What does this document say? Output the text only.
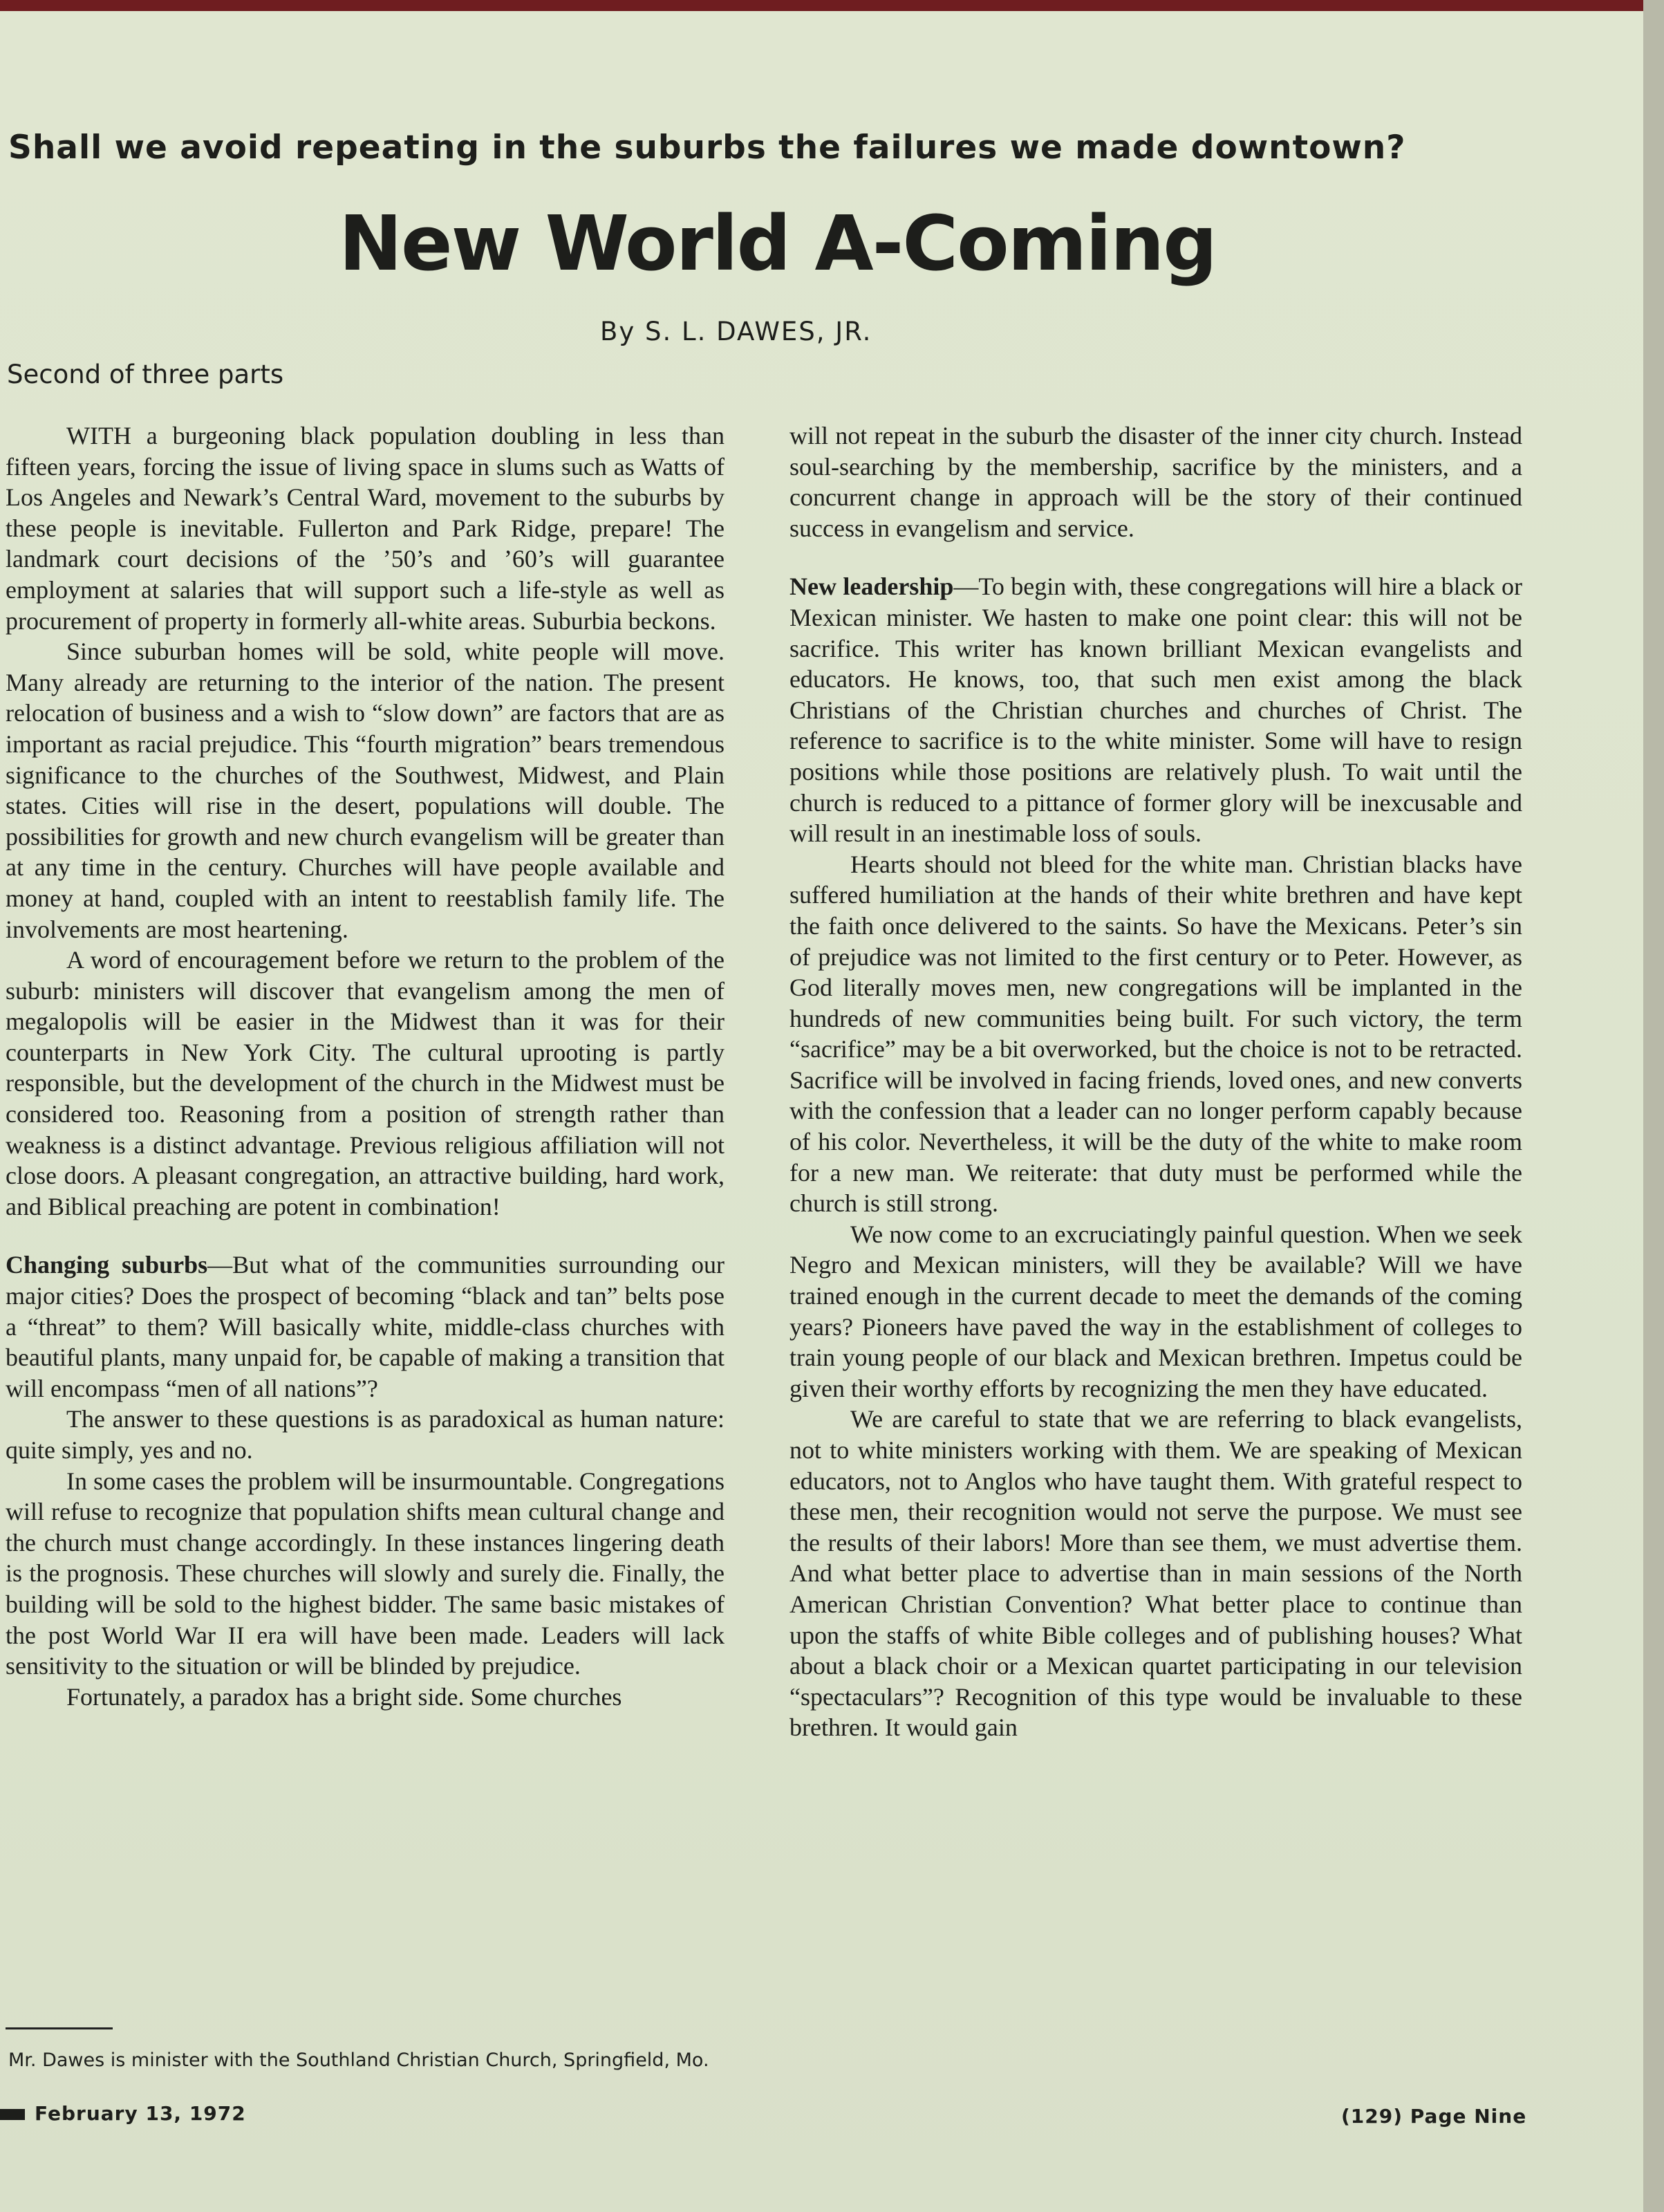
Shall we avoid repeating in the suburbs the failures we made downtown?
New World A-Coming
By S. L. DAWES, JR.
Second of three parts

WITH a burgeoning black population doubling in less than fifteen years, forcing the issue of living space in slums such as Watts of Los Angeles and Newark’s Central Ward, movement to the suburbs by these people is inevitable. Fullerton and Park Ridge, prepare! The landmark court decisions of the ’50’s and ’60’s will guarantee employment at salaries that will support such a life-style as well as procurement of property in formerly all-white areas. Suburbia beckons.

Since suburban homes will be sold, white people will move. Many already are returning to the interior of the nation. The present relocation of business and a wish to “slow down” are factors that are as important as racial prejudice. This “fourth migration” bears tremendous significance to the churches of the Southwest, Midwest, and Plain states. Cities will rise in the desert, populations will double. The possibilities for growth and new church evangelism will be greater than at any time in the century. Churches will have people available and money at hand, coupled with an intent to reestablish family life. The involvements are most heartening.

A word of encouragement before we return to the problem of the suburb: ministers will discover that evangelism among the men of megalopolis will be easier in the Midwest than it was for their counterparts in New York City. The cultural uprooting is partly responsible, but the development of the church in the Midwest must be considered too. Reasoning from a position of strength rather than weakness is a distinct advantage. Previous religious affiliation will not close doors. A pleasant congregation, an attractive building, hard work, and Biblical preaching are potent in combination!

Changing suburbs—But what of the communities surrounding our major cities? Does the prospect of becoming “black and tan” belts pose a “threat” to them? Will basically white, middle-class churches with beautiful plants, many unpaid for, be capable of making a transition that will encompass “men of all nations”?

The answer to these questions is as paradoxical as human nature: quite simply, yes and no.

In some cases the problem will be insurmountable. Congregations will refuse to recognize that population shifts mean cultural change and the church must change accordingly. In these instances lingering death is the prognosis. These churches will slowly and surely die. Finally, the building will be sold to the highest bidder. The same basic mistakes of the post World War II era will have been made. Leaders will lack sensitivity to the situation or will be blinded by prejudice.

Fortunately, a paradox has a bright side. Some churches

will not repeat in the suburb the disaster of the inner city church. Instead soul-searching by the membership, sacrifice by the ministers, and a concurrent change in approach will be the story of their continued success in evangelism and service.

New leadership—To begin with, these congregations will hire a black or Mexican minister. We hasten to make one point clear: this will not be sacrifice. This writer has known brilliant Mexican evangelists and educators. He knows, too, that such men exist among the black Christians of the Christian churches and churches of Christ. The reference to sacrifice is to the white minister. Some will have to resign positions while those positions are relatively plush. To wait until the church is reduced to a pittance of former glory will be inexcusable and will result in an inestimable loss of souls.

Hearts should not bleed for the white man. Christian blacks have suffered humiliation at the hands of their white brethren and have kept the faith once delivered to the saints. So have the Mexicans. Peter’s sin of prejudice was not limited to the first century or to Peter. However, as God literally moves men, new congregations will be implanted in the hundreds of new communities being built. For such victory, the term “sacrifice” may be a bit overworked, but the choice is not to be retracted. Sacrifice will be involved in facing friends, loved ones, and new converts with the confession that a leader can no longer perform capably because of his color. Nevertheless, it will be the duty of the white to make room for a new man. We reiterate: that duty must be performed while the church is still strong.

We now come to an excruciatingly painful question. When we seek Negro and Mexican ministers, will they be available? Will we have trained enough in the current decade to meet the demands of the coming years? Pioneers have paved the way in the establishment of colleges to train young people of our black and Mexican brethren. Impetus could be given their worthy efforts by recognizing the men they have educated.

We are careful to state that we are referring to black evangelists, not to white ministers working with them. We are speaking of Mexican educators, not to Anglos who have taught them. With grateful respect to these men, their recognition would not serve the purpose. We must see the results of their labors! More than see them, we must advertise them. And what better place to advertise than in main sessions of the North American Christian Convention? What better place to continue than upon the staffs of white Bible colleges and of publishing houses? What about a black choir or a Mexican quartet participating in our television “spectaculars”? Recognition of this type would be invaluable to these brethren. It would gain

Mr. Dawes is minister with the Southland Christian Church, Springfield, Mo.
February 13, 1972	(129) Page Nine
